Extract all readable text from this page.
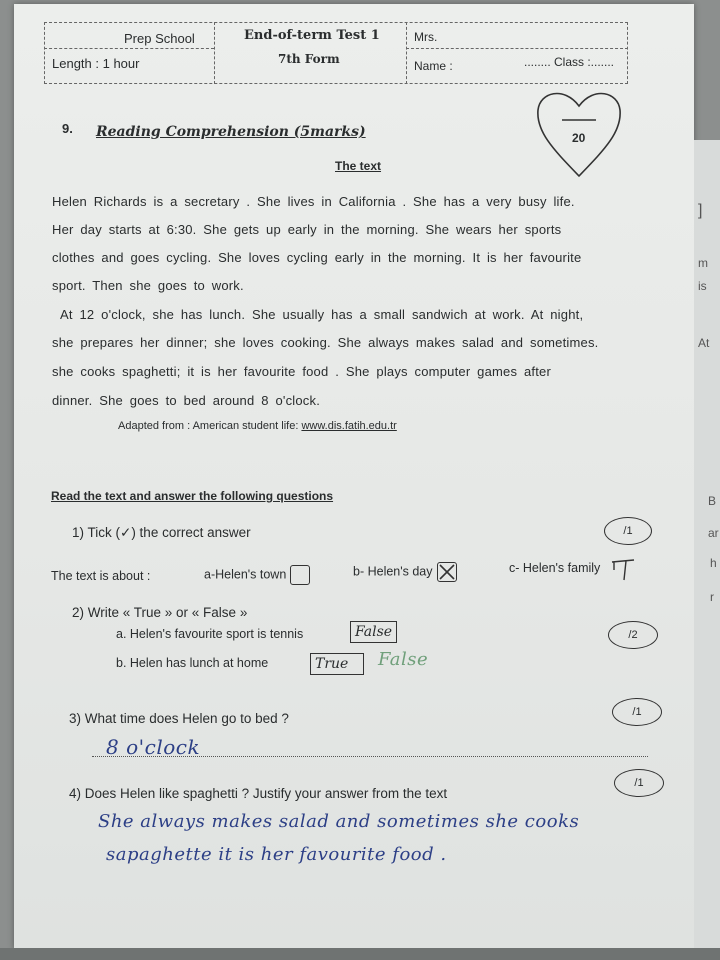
Prep School	End-of-term Test 1	Mrs.
Length : 1 hour	7th Form	Name :	........ Class :.......
20
9. Reading Comprehension (5marks)
The text
Helen Richards is a secretary . She lives in California . She has a very busy life.
Her day starts at 6:30. She gets up early in the morning. She wears her sports
clothes and goes cycling. She loves cycling early in the morning. It is her favourite
sport. Then she goes to work.
At 12 o'clock, she has lunch. She usually has a small sandwich at work. At night,
she prepares her dinner; she loves cooking. She always makes salad and sometimes.
she cooks spaghetti; it is her favourite food . She plays computer games after
dinner. She goes to bed around 8 o'clock.
Adapted from : American student life: www.dis.fatih.edu.tr
Read the text and answer the following questions
1) Tick (✓) the correct answer	/1
The text is about :	a-Helen's town	b- Helen's day	c- Helen's family
2) Write « True » or « False »
/2
a. Helen's favourite sport is tennis	False
b. Helen has lunch at home	True	False
3) What time does Helen go to bed ?	/1
8 o'clock
4) Does Helen like spaghetti ? Justify your answer from the text
/1
She always makes salad and sometimes she cooks
sapaghette it is her favourite food .
]
m
is
At
B
ar
h
r
